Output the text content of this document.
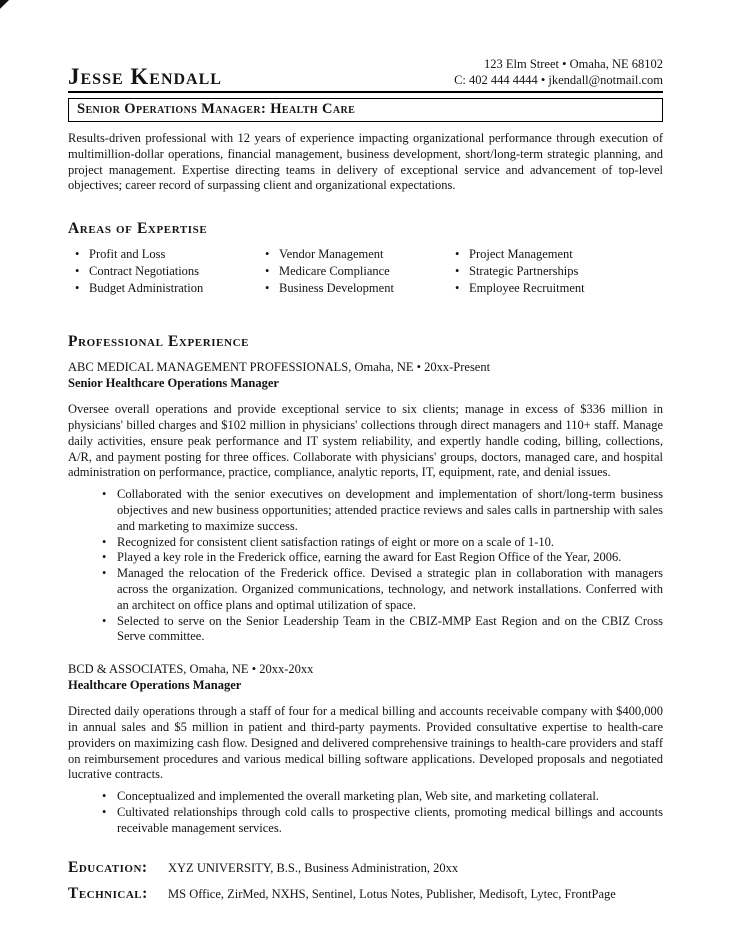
Jesse Kendall	123 Elm Street • Omaha, NE 68102
C: 402 444 4444 • jkendall@notmail.com
Senior Operations Manager: Health Care

Results-driven professional with 12 years of experience impacting organizational performance through execution of multimillion-dollar operations, financial management, business development, short/long-term strategic planning, and project management. Expertise directing teams in delivery of exceptional service and advancement of top-level objectives; career record of surpassing client and organizational expectations.

Areas of Expertise
• Profit and Loss
• Contract Negotiations
• Budget Administration
• Vendor Management
• Medicare Compliance
• Business Development
• Project Management
• Strategic Partnerships
• Employee Recruitment
Professional Experience
ABC MEDICAL MANAGEMENT PROFESSIONALS, Omaha, NE • 20xx-Present
Senior Healthcare Operations Manager

Oversee overall operations and provide exceptional service to six clients; manage in excess of $336 million in physicians' billed charges and $102 million in physicians' collections through direct managers and 110+ staff. Manage daily activities, ensure peak performance and IT system reliability, and expertly handle coding, billing, collections, A/R, and payment posting for three offices. Collaborate with physicians' groups, doctors, managed care, and hospital administration on performance, practice, compliance, analytic reports, IT, equipment, rate, and denial issues.

• Collaborated with the senior executives on development and implementation of short/long-term business objectives and new business opportunities; attended practice reviews and sales calls in partnership with sales and marketing to maximize success.
• Recognized for consistent client satisfaction ratings of eight or more on a scale of 1-10.
• Played a key role in the Frederick office, earning the award for East Region Office of the Year, 2006.
• Managed the relocation of the Frederick office. Devised a strategic plan in collaboration with managers across the organization. Organized communications, technology, and network installations. Conferred with an architect on office plans and optimal utilization of space.
• Selected to serve on the Senior Leadership Team in the CBIZ-MMP East Region and on the CBIZ Cross Serve committee.
BCD & ASSOCIATES, Omaha, NE • 20xx-20xx
Healthcare Operations Manager

Directed daily operations through a staff of four for a medical billing and accounts receivable company with $400,000 in annual sales and $5 million in patient and third-party payments. Provided consultative expertise to health-care providers on maximizing cash flow. Designed and delivered comprehensive trainings to health-care providers and staff on reimbursement procedures and various medical billing software applications. Developed proposals and negotiated lucrative contracts.

• Conceptualized and implemented the overall marketing plan, Web site, and marketing collateral.
• Cultivated relationships through cold calls to prospective clients, promoting medical billings and accounts receivable management services.
Education:	XYZ UNIVERSITY, B.S., Business Administration, 20xx
Technical:	MS Office, ZirMed, NXHS, Sentinel, Lotus Notes, Publisher, Medisoft, Lytec, FrontPage
